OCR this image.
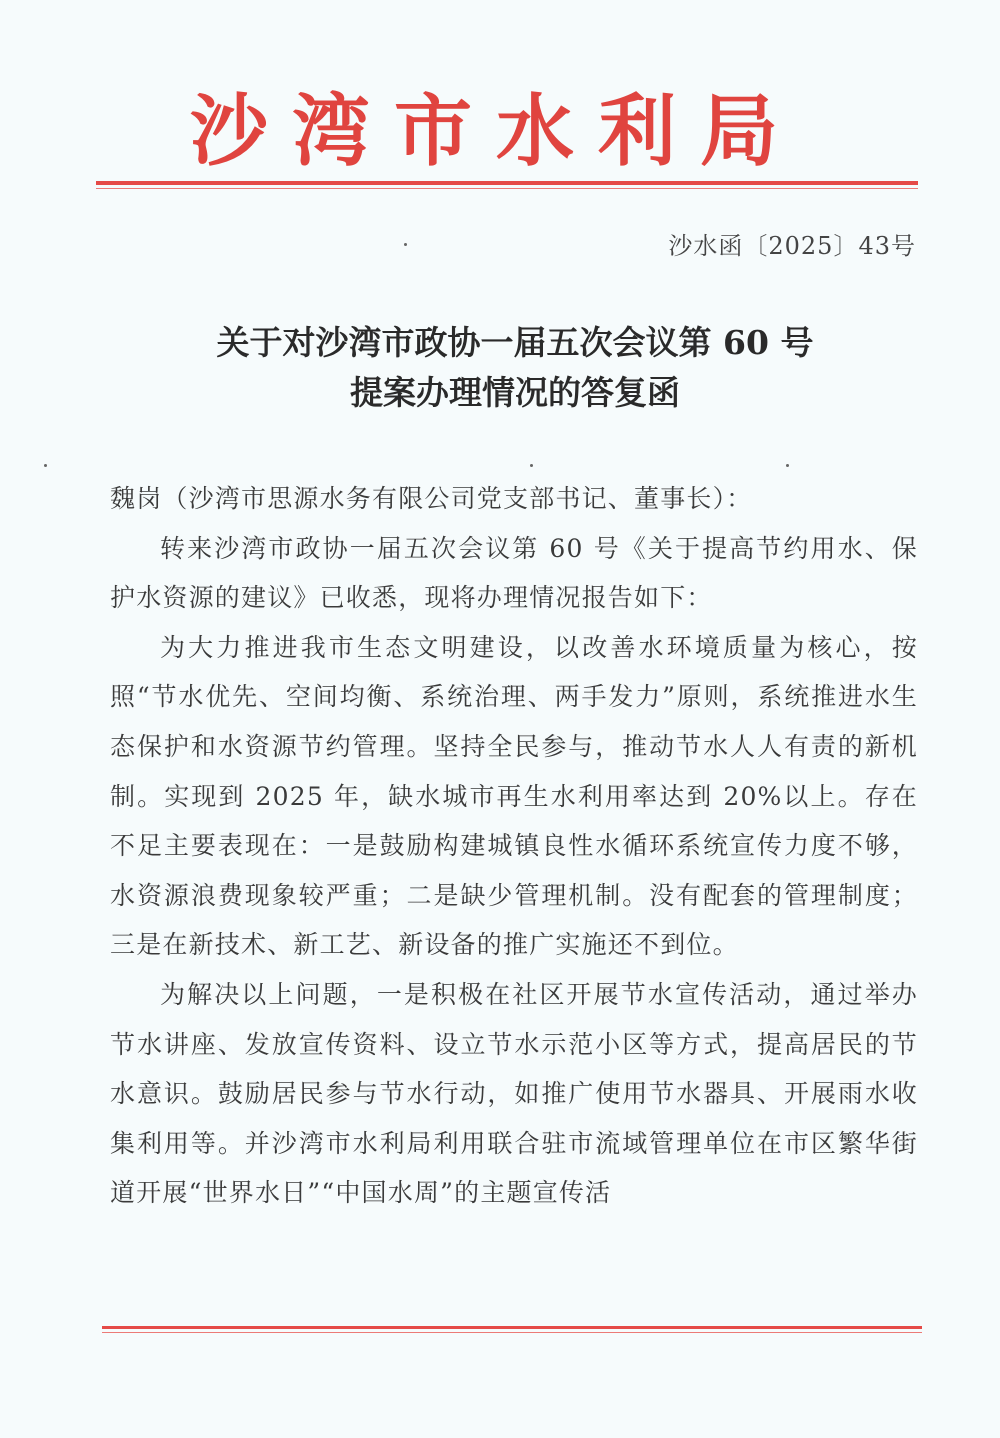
沙湾市水利局
沙水函〔2025〕43号
关于对沙湾市政协一届五次会议第 60 号
提案办理情况的答复函

魏岗（沙湾市思源水务有限公司党支部书记、董事长）：

转来沙湾市政协一届五次会议第 60 号《关于提高节约用水、保护水资源的建议》已收悉，现将办理情况报告如下：

为大力推进我市生态文明建设，以改善水环境质量为核心，按照“节水优先、空间均衡、系统治理、两手发力”原则，系统推进水生态保护和水资源节约管理。坚持全民参与，推动节水人人有责的新机制。实现到 2025 年，缺水城市再生水利用率达到 20%以上。存在不足主要表现在：一是鼓励构建城镇良性水循环系统宣传力度不够，水资源浪费现象较严重；二是缺少管理机制。没有配套的管理制度；三是在新技术、新工艺、新设备的推广实施还不到位。

为解决以上问题，一是积极在社区开展节水宣传活动，通过举办节水讲座、发放宣传资料、设立节水示范小区等方式，提高居民的节水意识。鼓励居民参与节水行动，如推广使用节水器具、开展雨水收集利用等。并沙湾市水利局利用联合驻市流域管理单位在市区繁华街道开展“世界水日”“中国水周”的主题宣传活
